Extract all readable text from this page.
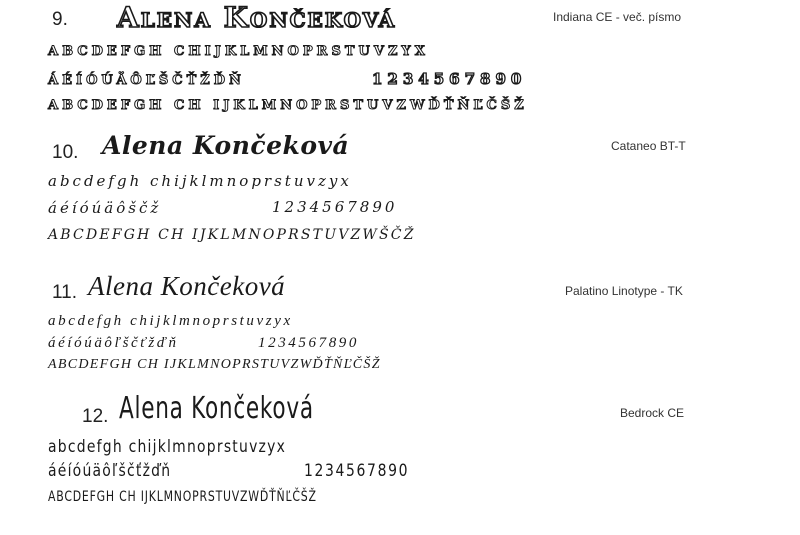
9. Alena Končeková	Indiana CE - več. písmo
ABCDEFGH CHIJKLMNOPRSTUVZYX
ÁÉÍÓÚÄÔĽŠČŤŽĎŇ	1234567890
ABCDEFGH CH IJKLMNOPRSTUVZWĎŤŇĽČŠŽ
10. Alena Končeková	Cataneo BT-T
abcdefgh chijklmnoprstuvzyx
áéíóúäôščž	1234567890
ABCDEFGH CH IJKLMNOPRSTUVZWŠČŽ
11. Alena Končeková	Palatino Linotype - TK
abcdefgh chijklmnoprstuvzyx
áéíóúäôľščťžďň	1234567890
ABCDEFGH CH IJKLMNOPRSTUVZWĎŤŇĽČŠŽ
12. Alena Končeková	Bedrock CE
abcdefgh chijklmnoprstuvzyx
áéíóúäôľščťžďň	1234567890
ABCDEFGH CH IJKLMNOPRSTUVZWĎŤŇĽČŠŽ
